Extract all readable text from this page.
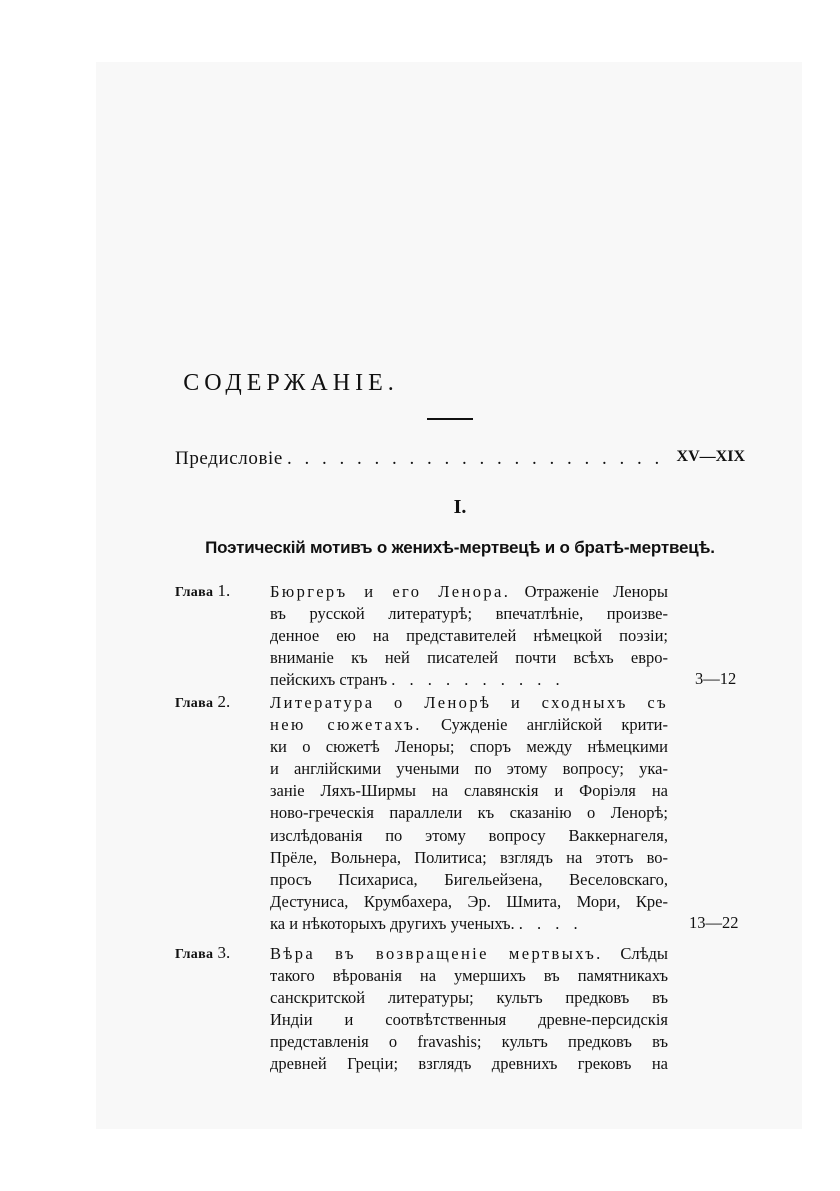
СОДЕРЖАНІЕ.
Предисловіе
. . .	XV—XIX
I.
Поэтическій мотивъ о женихѣ-мертвецѣ и о братѣ-мертвецѣ.
Глава 1. Бюргеръ и его Ленора. Отраженіе Леноры
въ русской литературѣ; впечатлѣніе, произве-
денное ею на представителей нѣмецкой поэзіи;
вниманіе къ ней писателей почти всѣхъ евро-
пейскихъ странъ . . . . . . . . . .	3—12
Глава 2. Литература о Ленорѣ и сходныхъ съ
нею сюжетахъ. Сужденіе англійской крити-
ки о сюжетѣ Леноры; споръ между нѣмецкими
и англійскими учеными по этому вопросу; ука-
заніе Ляхъ-Ширмы на славянскія и Форіэля на
ново-греческія параллели къ сказанію о Ленорѣ;
изслѣдованія по этому вопросу Ваккернагеля,
Прёле, Вольнера, Политиса; взглядъ на этотъ во-
просъ Психариса, Бигельейзена, Веселовскаго,
Дестуниса, Крумбахера, Эр. Шмита, Мори, Кре-
ка и нѣкоторыхъ другихъ ученыхъ. . . . .	13—22
Глава 3. Вѣра въ возвращеніе мертвыхъ. Слѣды
такого вѣрованія на умершихъ въ памятникахъ
санскритской литературы; культъ предковъ въ
Индіи и соотвѣтственныя древне-персидскія
представленія о fravashis; культъ предковъ въ
древней Греціи; взглядъ древнихъ грековъ на
